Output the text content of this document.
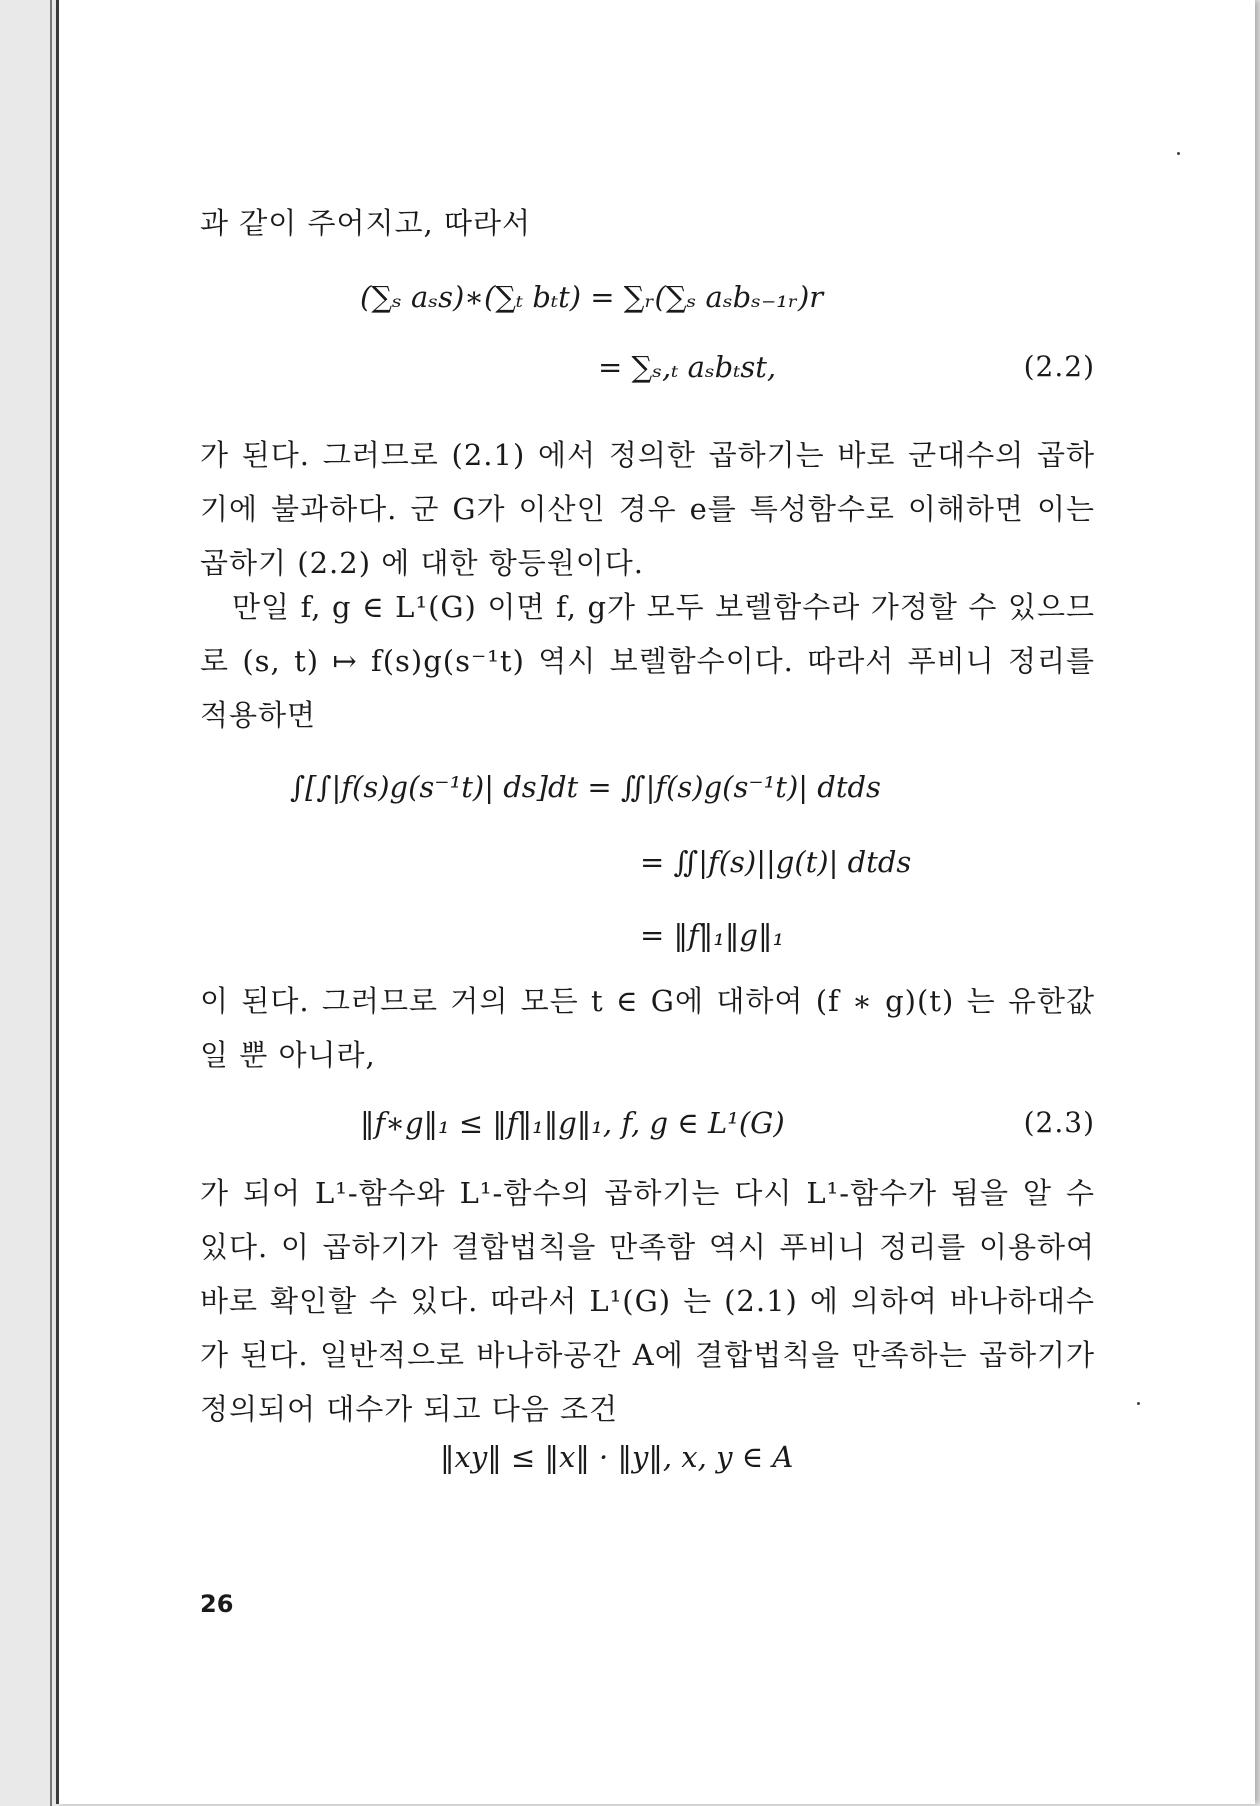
과 같이 주어지고, 따라서
(∑ₛ aₛs)∗(∑ₜ bₜt) = ∑ᵣ(∑ₛ aₛbₛ₋₁ᵣ)r
= ∑ₛ,ₜ aₛbₜst,	(2.2)
가 된다. 그러므로 (2.1) 에서 정의한 곱하기는 바로 군대수의 곱하기에 불과하다. 군 G가 이산인 경우 e를 특성함수로 이해하면 이는 곱하기 (2.2) 에 대한 항등원이다.
만일 f, g ∈ L¹(G) 이면 f, g가 모두 보렐함수라 가정할 수 있으므로 (s, t) ↦ f(s)g(s⁻¹t) 역시 보렐함수이다. 따라서 푸비니 정리를 적용하면
∫[∫|f(s)g(s⁻¹t)| ds]dt = ∬|f(s)g(s⁻¹t)| dtds
= ∬|f(s)||g(t)| dtds
= ‖f‖₁‖g‖₁
이 된다. 그러므로 거의 모든 t ∈ G에 대하여 (f ∗ g)(t) 는 유한값일 뿐 아니라,
‖f∗g‖₁ ≤ ‖f‖₁‖g‖₁, f, g ∈ L¹(G)	(2.3)
가 되어 L¹-함수와 L¹-함수의 곱하기는 다시 L¹-함수가 됨을 알 수 있다. 이 곱하기가 결합법칙을 만족함 역시 푸비니 정리를 이용하여 바로 확인할 수 있다. 따라서 L¹(G) 는 (2.1) 에 의하여 바나하대수가 된다. 일반적으로 바나하공간 A에 결합법칙을 만족하는 곱하기가 정의되어 대수가 되고 다음 조건
‖xy‖ ≤ ‖x‖ · ‖y‖, x, y ∈ A
26
